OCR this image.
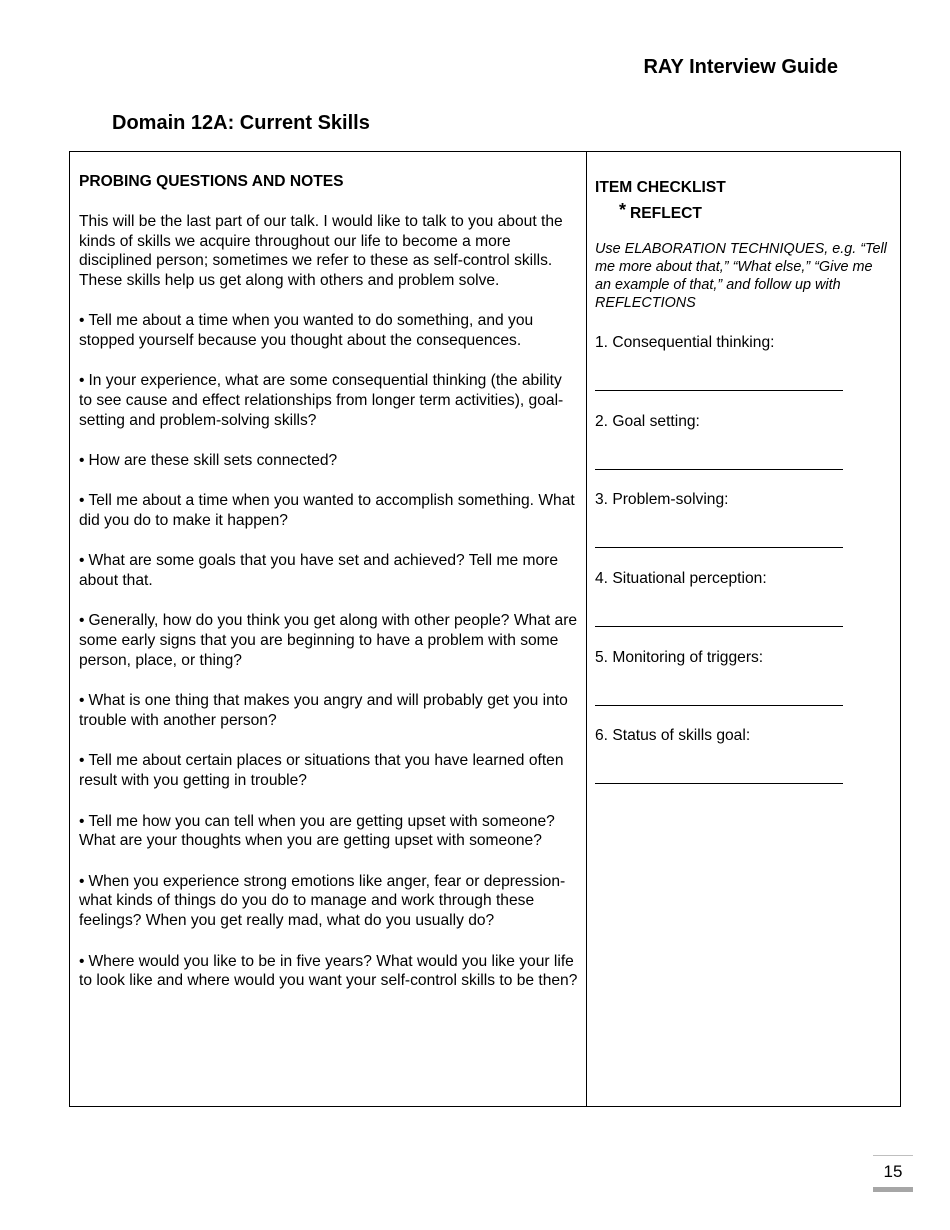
RAY Interview Guide
Domain 12A: Current Skills
PROBING QUESTIONS AND NOTES
This will be the last part of our talk. I would like to talk to you about the kinds of skills we acquire throughout our life to become a more disciplined person; sometimes we refer to these as self-control skills. These skills help us get along with others and problem solve.
• Tell me about a time when you wanted to do something, and you stopped yourself because you thought about the consequences.
• In your experience, what are some consequential thinking (the ability to see cause and effect relationships from longer term activities), goal-setting and problem-solving skills?
• How are these skill sets connected?
• Tell me about a time when you wanted to accomplish something. What did you do to make it happen?
• What are some goals that you have set and achieved? Tell me more about that.
• Generally, how do you think you get along with other people? What are some early signs that you are beginning to have a problem with some person, place, or thing?
• What is one thing that makes you angry and will probably get you into trouble with another person?
• Tell me about certain places or situations that you have learned often result with you getting in trouble?
• Tell me how you can tell when you are getting upset with someone? What are your thoughts when you are getting upset with someone?
• When you experience strong emotions like anger, fear or depression- what kinds of things do you do to manage and work through these feelings? When you get really mad, what do you usually do?
• Where would you like to be in five years? What would you like your life to look like and where would you want your self-control skills to be then?
ITEM CHECKLIST
* REFLECT
Use ELABORATION TECHNIQUES, e.g. “Tell me more about that,” “What else,” “Give me an example of that,” and follow up with REFLECTIONS
1. Consequential thinking:
2. Goal setting:
3. Problem-solving:
4. Situational perception:
5. Monitoring of triggers:
6. Status of skills goal:
15
